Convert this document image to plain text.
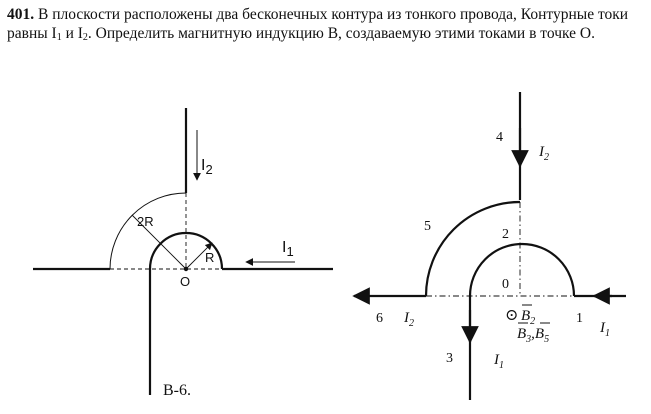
401. В плоскости расположены два бесконечных контура из тонкого провода, Контурные токи равны $I_1$ и $I_2$. Определить магнитную индукцию B, создаваемую этими токами в точке O.

$I_2$
$I_1$
2R
R
O
В-6.
4
5
2
0
1
3
6
$I_2$
$I_2$	$I_1$
$I_1$
⊙ $B_2$
$B_3,B_5$
